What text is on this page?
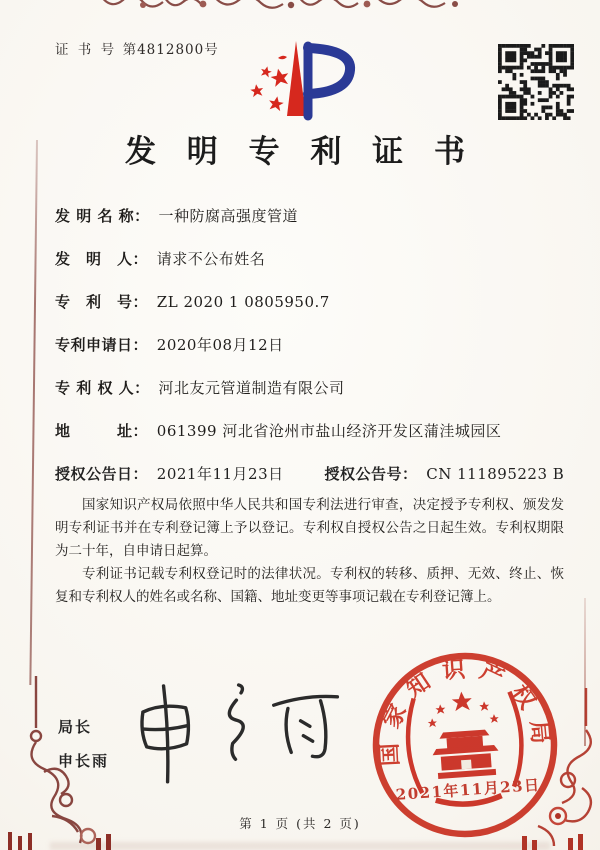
证 书 号 第4812800号
发 明 专 利 证 书
发 明 名 称： 一种防腐高强度管道
发　明　人： 请求不公布姓名
专　利　号： ZL 2020 1 0805950.7
专利申请日： 2020年08月12日
专 利 权 人： 河北友元管道制造有限公司
地　　　址： 061399 河北省沧州市盐山经济开发区蒲洼城园区
授权公告日： 2021年11月23日	授权公告号： CN 111895223 B

国家知识产权局依照中华人民共和国专利法进行审查，决定授予专利权、颁发发明专利证书并在专利登记簿上予以登记。专利权自授权公告之日起生效。专利权期限为二十年，自申请日起算。

专利证书记载专利权登记时的法律状况。专利权的转移、质押、无效、终止、恢复和专利权人的姓名或名称、国籍、地址变更等事项记载在专利登记簿上。

局长
申长雨	国家知识产权局
2021年11月23日
第 1 页 (共 2 页)
